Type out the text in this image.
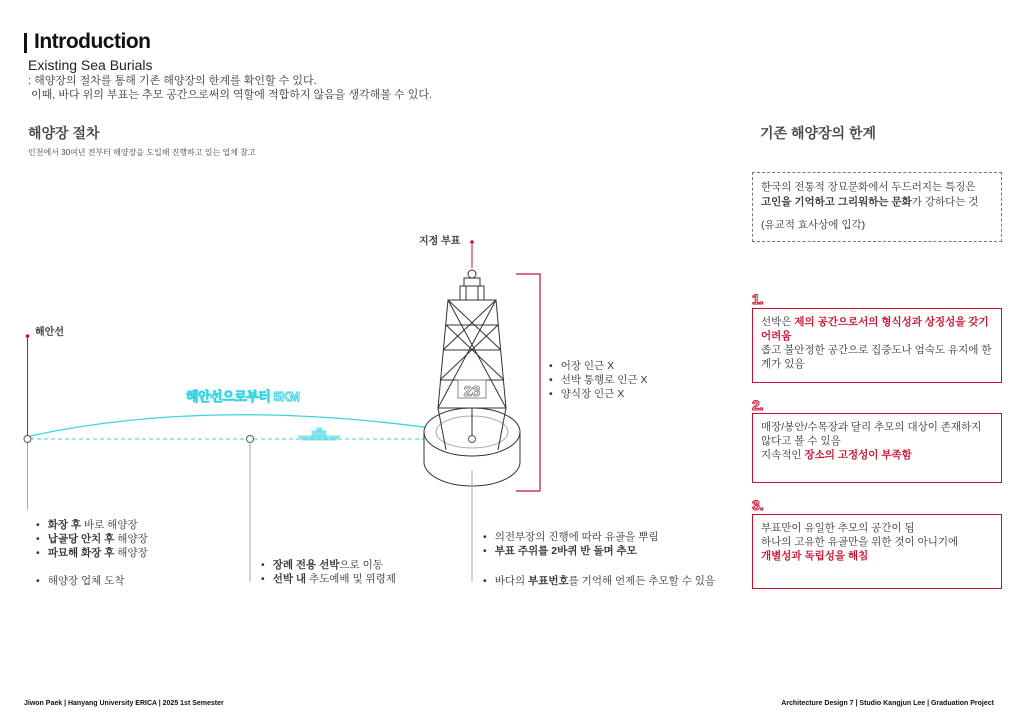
Introduction
Existing Sea Burials
: 해양장의 절차를 통해 기존 해양장의 한계를 확인할 수 있다.
이때, 바다 위의 부표는 추모 공간으로써의 역할에 적합하지 않음을 생각해볼 수 있다.
해양장 절차
인천에서 30여년 전부터 해양장을 도입해 진행하고 있는 업체 참고
23
해안선
지정 부표
해안선으로부터 5KM
• 어장 인근 X
• 선박 통행로 인근 X
• 양식장 인근 X
• 화장 후 바로 해양장
• 납골당 안치 후 해양장
• 파묘해 화장 후 해양장
• 해양장 업체 도착
• 장례 전용 선박으로 이동
• 선박 내 추도예배 및 위령제
• 의전부장의 진행에 따라 유골을 뿌림
• 부표 주위를 2바퀴 반 돌며 추모
• 바다의 부표번호를 기억해 언제든 추모할 수 있음
기존 해양장의 한계
한국의 전통적 장묘문화에서 두드러지는 특징은
고인을 기억하고 그리워하는 문화가 강하다는 것
(유교적 효사상에 입각)
1.
선박은 제의 공간으로서의 형식성과 상징성을 갖기 어려움
좁고 불안정한 공간으로 집중도나 엄숙도 유지에 한계가 있음
2.
매장/봉안/수목장과 달리 추모의 대상이 존재하지 않다고 볼 수 있음
지속적인 장소의 고정성이 부족함
3.
부표만이 유일한 추모의 공간이 됨
하나의 고유한 유골만을 위한 것이 아니기에
개별성과 독립성을 해침
Jiwon Paek | Hanyang University ERICA | 2025 1st Semester	Architecture Design 7 | Studio Kangjun Lee | Graduation Project
